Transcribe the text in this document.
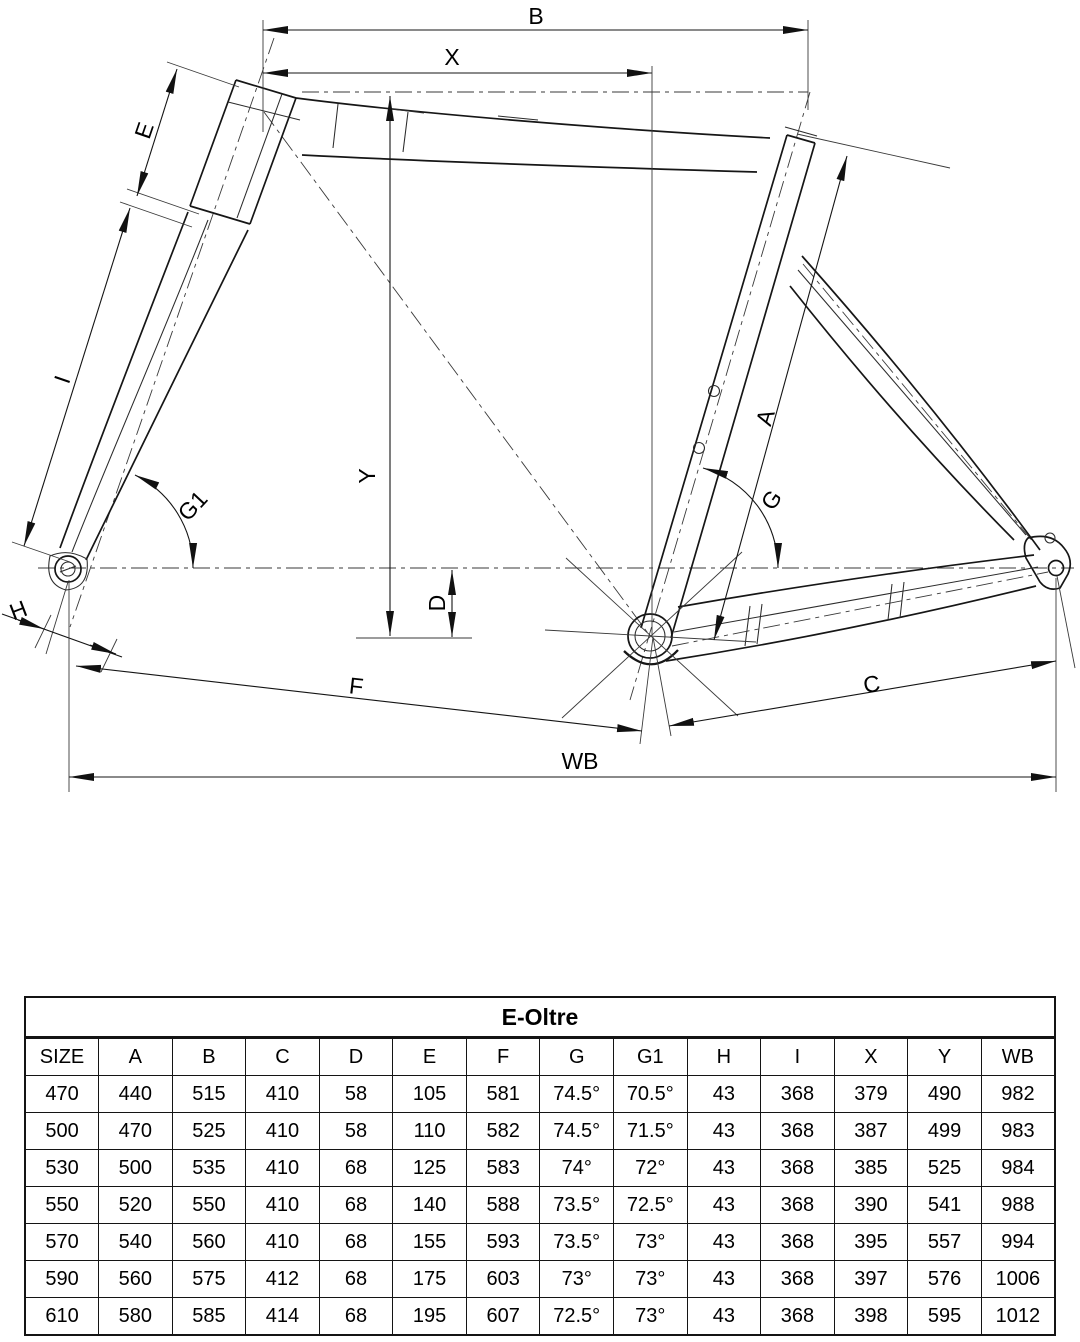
B
X
Y
D
E
I
G1
H
F
WB
C
A
G
E-Oltre													
SIZE	A	B	C	D	E	F	G	G1	H	I	X	Y	WB
470	440	515	410	58	105	581	74.5°	70.5°	43	368	379	490	982
500	470	525	410	58	110	582	74.5°	71.5°	43	368	387	499	983
530	500	535	410	68	125	583	74°	72°	43	368	385	525	984
550	520	550	410	68	140	588	73.5°	72.5°	43	368	390	541	988
570	540	560	410	68	155	593	73.5°	73°	43	368	395	557	994
590	560	575	412	68	175	603	73°	73°	43	368	397	576	1006
610	580	585	414	68	195	607	72.5°	73°	43	368	398	595	1012
